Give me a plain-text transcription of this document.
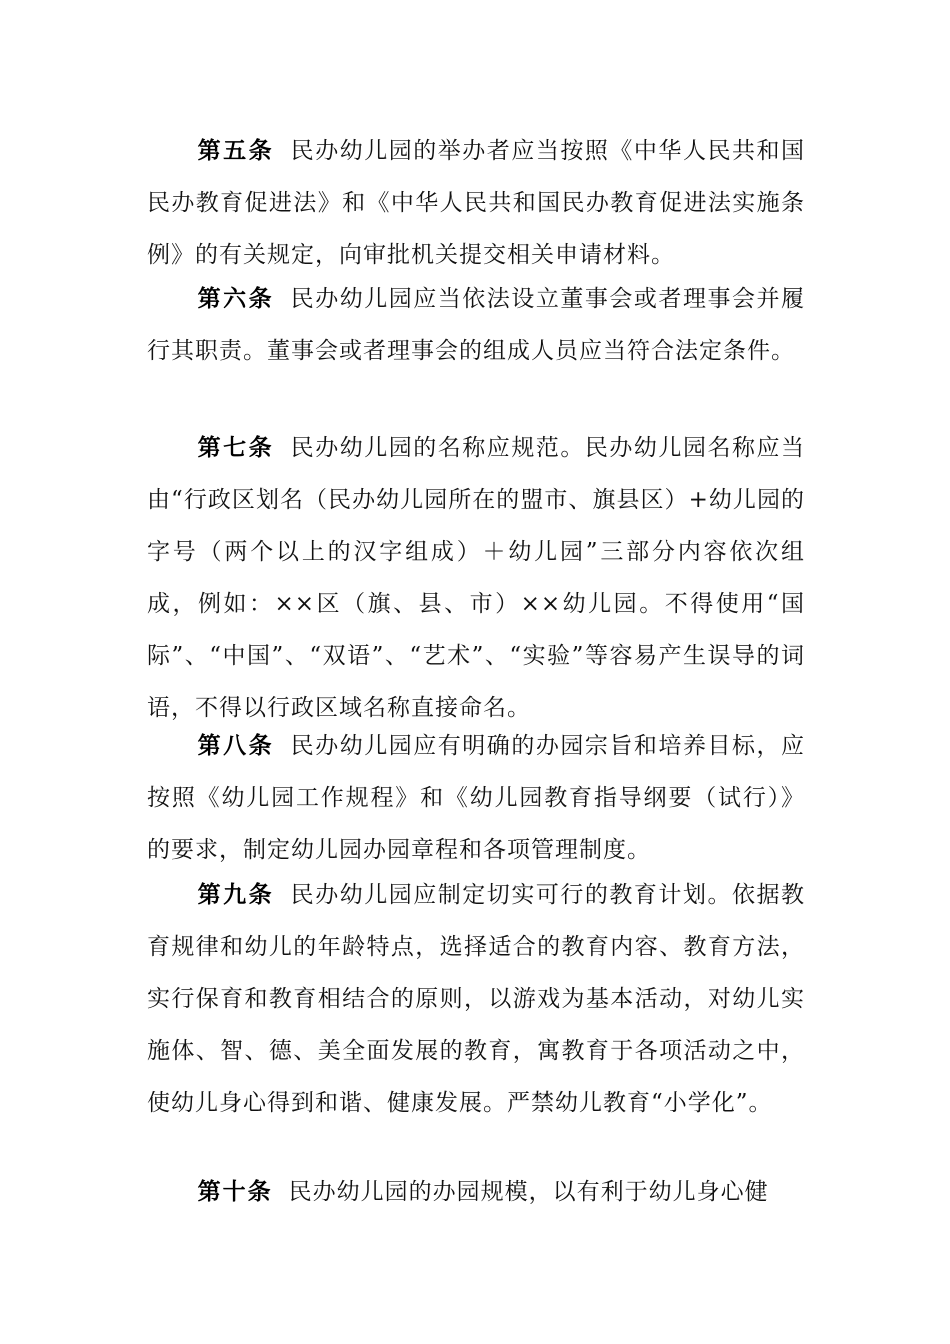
第五条 民办幼儿园的举办者应当按照《中华人民共和国民办教育促进法》和《中华人民共和国民办教育促进法实施条例》的有关规定，向审批机关提交相关申请材料。

第六条 民办幼儿园应当依法设立董事会或者理事会并履行其职责。董事会或者理事会的组成人员应当符合法定条件。

第七条 民办幼儿园的名称应规范。民办幼儿园名称应当由“行政区划名（民办幼儿园所在的盟市、旗县区）+幼儿园的字号（两个以上的汉字组成）＋幼儿园”三部分内容依次组成，例如：××区（旗、县、市）××幼儿园。不得使用“国际”、“中国”、“双语”、“艺术”、“实验”等容易产生误导的词语，不得以行政区域名称直接命名。

第八条 民办幼儿园应有明确的办园宗旨和培养目标，应按照《幼儿园工作规程》和《幼儿园教育指导纲要（试行）》的要求，制定幼儿园办园章程和各项管理制度。

第九条 民办幼儿园应制定切实可行的教育计划。依据教育规律和幼儿的年龄特点，选择适合的教育内容、教育方法，实行保育和教育相结合的原则，以游戏为基本活动，对幼儿实施体、智、德、美全面发展的教育，寓教育于各项活动之中，使幼儿身心得到和谐、健康发展。严禁幼儿教育“小学化”。

第十条 民办幼儿园的办园规模，以有利于幼儿身心健
